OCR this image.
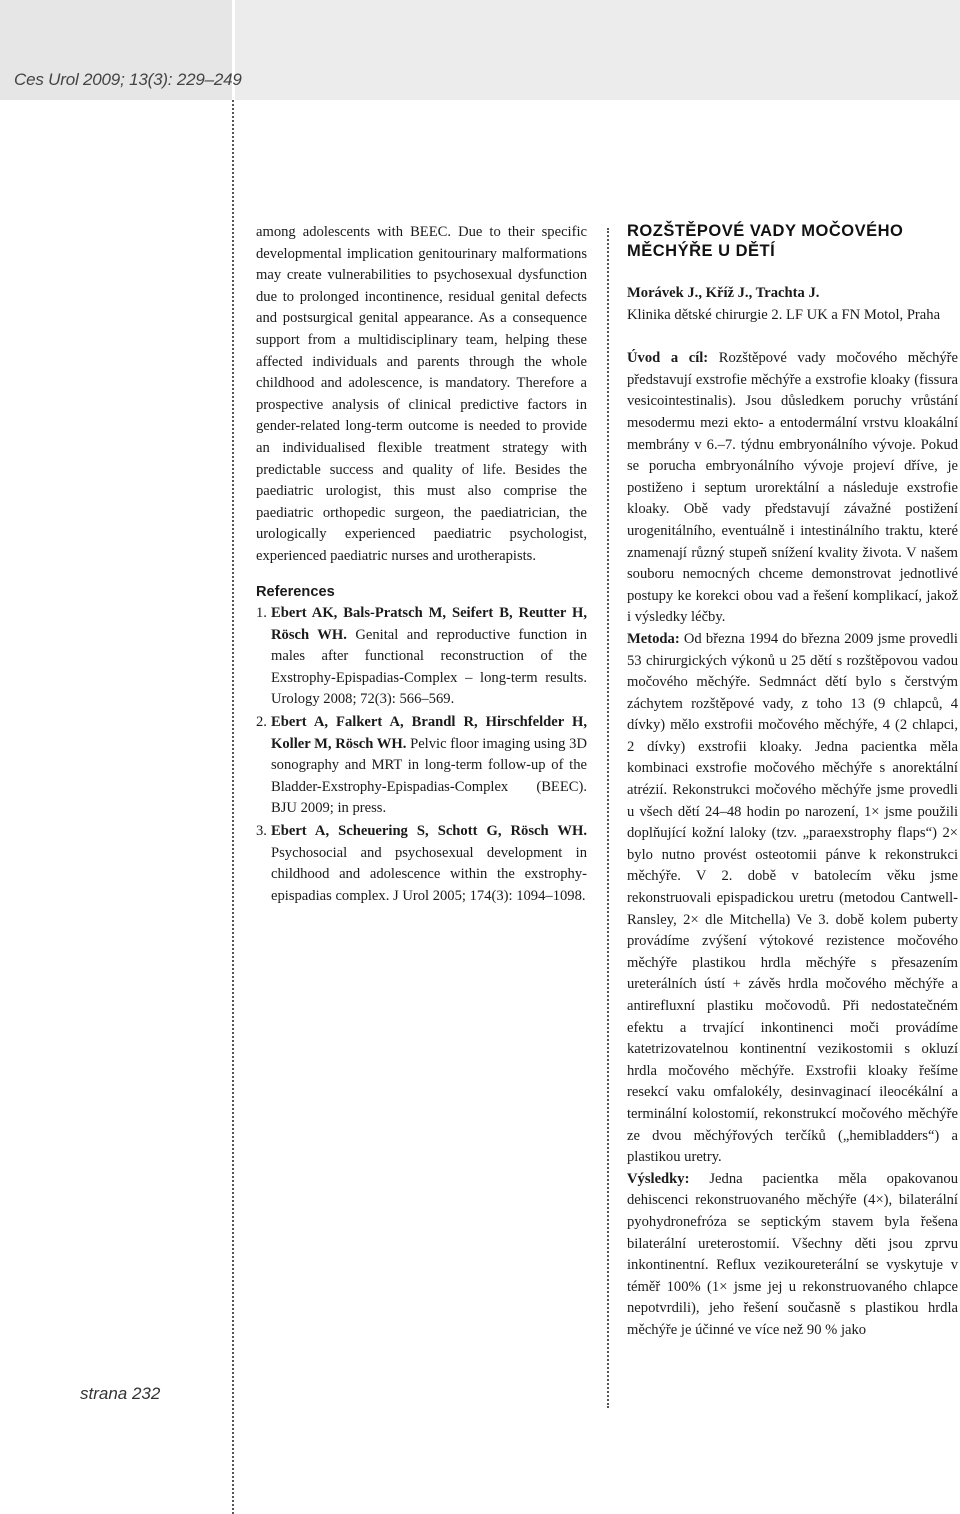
Ces Urol 2009; 13(3): 229–249
strana 232

among adolescents with BEEC. Due to their specific developmental implication genitourinary malformations may create vulnerabilities to psychosexual dysfunction due to prolonged incontinence, residual genital defects and postsurgical genital appearance. As a consequence support from a multidisciplinary team, helping these affected individuals and parents through the whole childhood and adolescence, is mandatory. Therefore a prospective analysis of clinical predictive factors in gender-related long-term outcome is needed to provide an individualised flexible treatment strategy with predictable success and quality of life. Besides the paediatric urologist, this must also comprise the paediatric orthopedic surgeon, the paediatrician, the urologically experienced paediatric psychologist, experienced paediatric nurses and urotherapists.

References
1. Ebert AK, Bals-Pratsch M, Seifert B, Reutter H, Rösch WH. Genital and reproductive function in males after functional reconstruction of the Exstrophy-Epispadias-Complex – long-term results. Urology 2008; 72(3): 566–569.
2. Ebert A, Falkert A, Brandl R, Hirschfelder H, Koller M, Rösch WH. Pelvic floor imaging using 3D sonography and MRT in long-term follow-up of the Bladder-Exstrophy-Epispadias-Complex (BEEC). BJU 2009; in press.
3. Ebert A, Scheuering S, Schott G, Rösch WH. Psychosocial and psychosexual development in childhood and adolescence within the exstrophy-epispadias complex. J Urol 2005; 174(3): 1094–1098.
ROZŠTĚPOVÉ VADY MOČOVÉHO MĚCHÝŘE U DĚTÍ

Morávek J., Kříž J., Trachta J.

Klinika dětské chirurgie 2. LF UK a FN Motol, Praha

Úvod a cíl: Rozštěpové vady močového měchýře představují exstrofie měchýře a exstrofie kloaky (fissura vesicointestinalis). Jsou důsledkem poruchy vrůstání mesodermu mezi ekto- a entodermální vrstvu kloakální membrány v 6.–7. týdnu embryonálního vývoje. Pokud se porucha embryonálního vývoje projeví dříve, je postiženo i septum urorektální a následuje exstrofie kloaky. Obě vady představují závažné postižení urogenitálního, eventuálně i intestinálního traktu, které znamenají různý stupeň snížení kvality života. V našem souboru nemocných chceme demonstrovat jednotlivé postupy ke korekci obou vad a řešení komplikací, jakož i výsledky léčby.

Metoda: Od března 1994 do března 2009 jsme provedli 53 chirurgických výkonů u 25 dětí s rozštěpovou vadou močového měchýře. Sedmnáct dětí bylo s čerstvým záchytem rozštěpové vady, z toho 13 (9 chlapců, 4 dívky) mělo exstrofii močového měchýře, 4 (2 chlapci, 2 dívky) exstrofii kloaky. Jedna pacientka měla kombinaci exstrofie močového měchýře s anorektální atrézií. Rekonstrukci močového měchýře jsme provedli u všech dětí 24–48 hodin po narození, 1× jsme použili doplňující kožní laloky (tzv. „paraexstrophy flaps“) 2× bylo nutno provést osteotomii pánve k rekonstrukci měchýře. V 2. době v batolecím věku jsme rekonstruovali epispadickou uretru (metodou Cantwell- Ransley, 2× dle Mitchella) Ve 3. době kolem puberty provádíme zvýšení výtokové rezistence močového měchýře plastikou hrdla měchýře s přesazením ureterálních ústí + závěs hrdla močového měchýře a antirefluxní plastiku močovodů. Při nedostatečném efektu a trvající inkontinenci moči provádíme katetrizovatelnou kontinentní vezikostomii s okluzí hrdla močového měchýře. Exstrofii kloaky řešíme resekcí vaku omfalokély, desinvaginací ileocékální a terminální kolostomií, rekonstrukcí močového měchýře ze dvou měchýřových terčíků („hemibladders“) a plastikou uretry.

Výsledky: Jedna pacientka měla opakovanou dehiscenci rekonstruovaného měchýře (4×), bilaterální pyohydronefróza se septickým stavem byla řešena bilaterální ureterostomií. Všechny děti jsou zprvu inkontinentní. Reflux vezikoureterální se vyskytuje v téměř 100% (1× jsme jej u rekonstruovaného chlapce nepotvrdili), jeho řešení současně s plastikou hrdla měchýře je účinné ve více než 90 % jako
